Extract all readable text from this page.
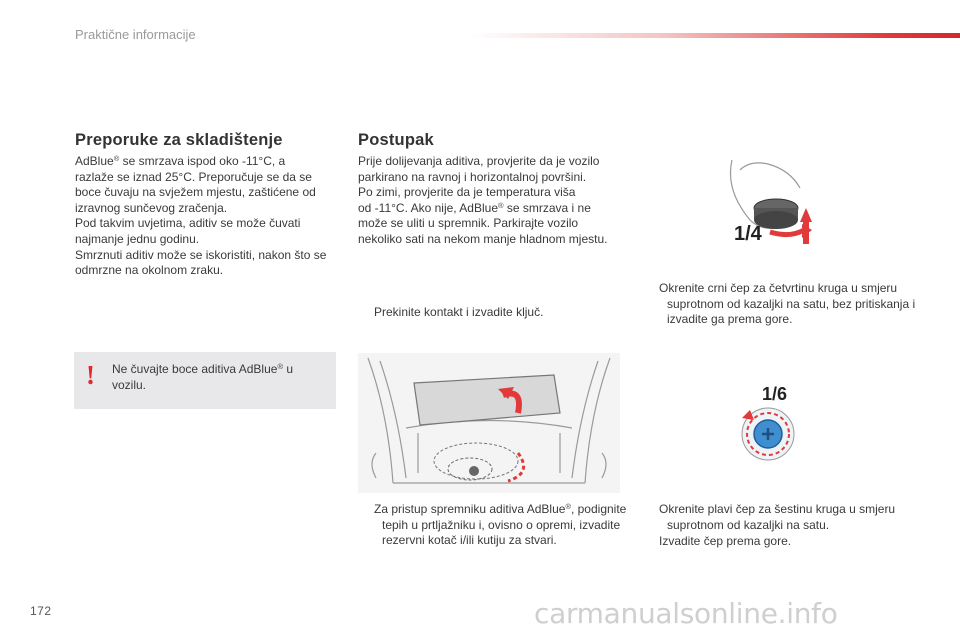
Praktične informacije
Preporuke za skladištenje

AdBlue® se smrzava ispod oko -11°C, a

razlaže se iznad 25°C. Preporučuje se da se

boce čuvaju na svježem mjestu, zaštićene od

izravnog sunčevog zračenja.

Pod takvim uvjetima, aditiv se može čuvati

najmanje jednu godinu.

Smrznuti aditiv može se iskoristiti, nakon što se

odmrzne na okolnom zraku.

! Ne čuvajte boce aditiva AdBlue® u vozilu.
Postupak

Prije dolijevanja aditiva, provjerite da je vozilo

parkirano na ravnoj i horizontalnoj površini.

Po zimi, provjerite da je temperatura viša

od -11°C. Ako nije, AdBlue® se smrzava i ne

može se uliti u spremnik. Parkirajte vozilo

nekoliko sati na nekom manje hladnom mjestu.

Prekinite kontakt i izvadite ključ.
Za pristup spremniku aditiva AdBlue®, podignite tepih u prtljažniku i, ovisno o opremi, izvadite rezervni kotač i/ili kutiju za stvari.
1/4
Okrenite crni čep za četvrtinu kruga u smjeru suprotnom od kazaljki na satu, bez pritiskanja i izvadite ga prema gore.
1/6
Okrenite plavi čep za šestinu kruga u smjeru suprotnom od kazaljki na satu.
Izvadite čep prema gore.
172	carmanualsonline.info
